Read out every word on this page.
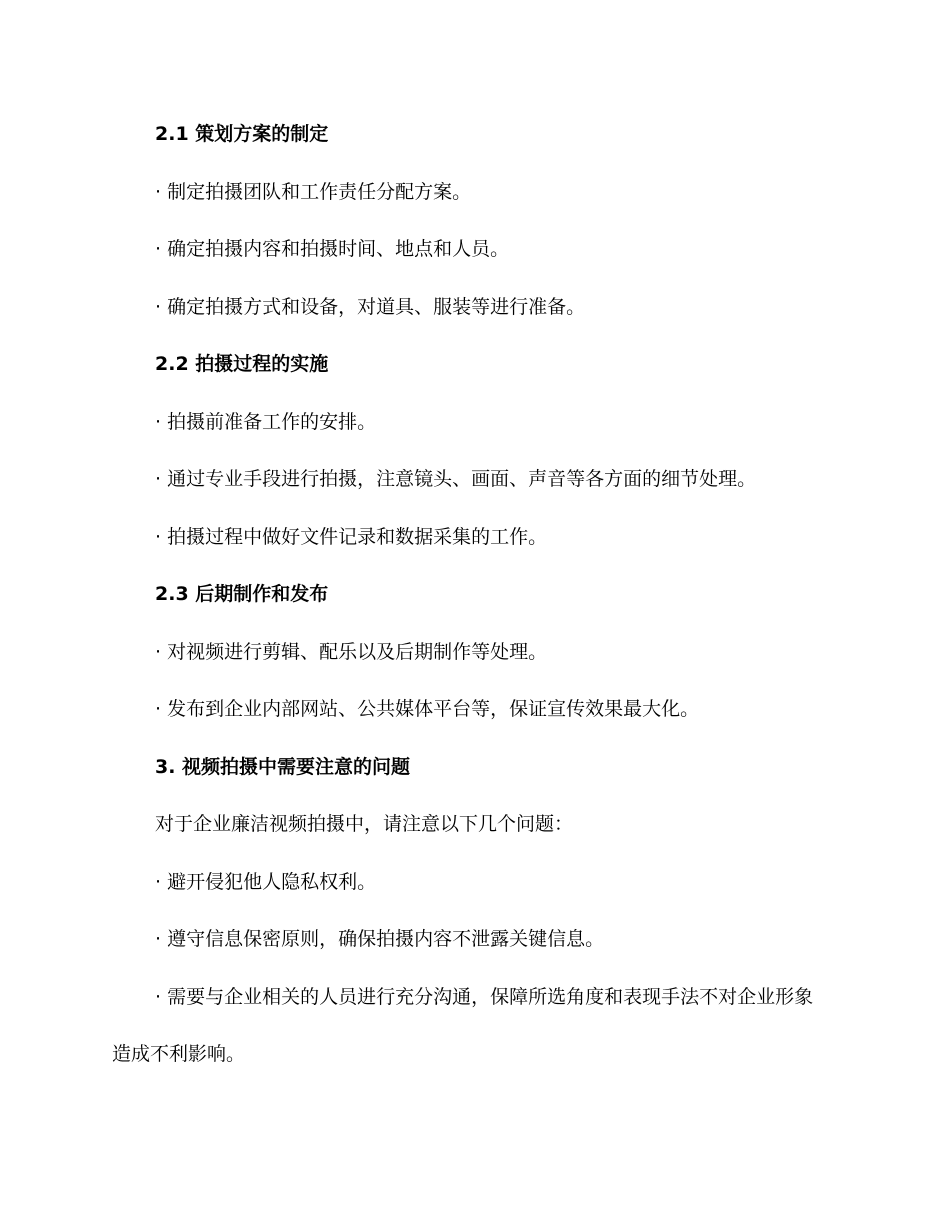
2.1 策划方案的制定

· 制定拍摄团队和工作责任分配方案。

· 确定拍摄内容和拍摄时间、地点和人员。

· 确定拍摄方式和设备，对道具、服装等进行准备。

2.2 拍摄过程的实施

· 拍摄前准备工作的安排。

· 通过专业手段进行拍摄，注意镜头、画面、声音等各方面的细节处理。

· 拍摄过程中做好文件记录和数据采集的工作。

2.3 后期制作和发布

· 对视频进行剪辑、配乐以及后期制作等处理。

· 发布到企业内部网站、公共媒体平台等，保证宣传效果最大化。

3. 视频拍摄中需要注意的问题

对于企业廉洁视频拍摄中，请注意以下几个问题：

· 避开侵犯他人隐私权利。

· 遵守信息保密原则，确保拍摄内容不泄露关键信息。

· 需要与企业相关的人员进行充分沟通，保障所选角度和表现手法不对企业形象造成不利影响。
